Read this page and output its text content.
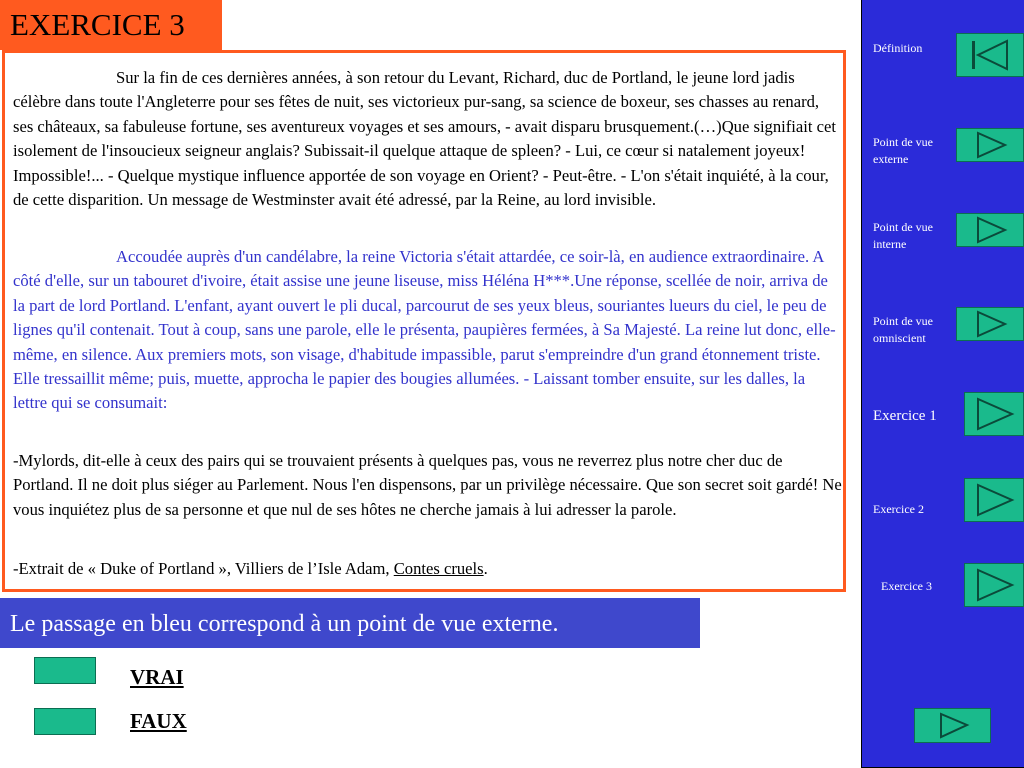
EXERCICE 3

Sur la fin de ces dernières années, à son retour du Levant, Richard, duc de Portland, le jeune lord jadis célèbre dans toute l'Angleterre pour ses fêtes de nuit, ses victorieux pur-sang, sa science de boxeur, ses chasses au renard, ses châteaux, sa fabuleuse fortune, ses aventureux voyages et ses amours, - avait disparu brusquement.(…)Que signifiait cet isolement de l'insoucieux seigneur anglais? Subissait-il quelque attaque de spleen? - Lui, ce cœur si natalement joyeux! Impossible!... - Quelque mystique influence apportée de son voyage en Orient? - Peut-être. - L'on s'était inquiété, à la cour, de cette disparition. Un message de Westminster avait été adressé, par la Reine, au lord invisible.

Accoudée auprès d'un candélabre, la reine Victoria s'était attardée, ce soir-là, en audience extraordinaire. A côté d'elle, sur un tabouret d'ivoire, était assise une jeune liseuse, miss Héléna H***.Une réponse, scellée de noir, arriva de la part de lord Portland. L'enfant, ayant ouvert le pli ducal, parcourut de ses yeux bleus, souriantes lueurs du ciel, le peu de lignes qu'il contenait. Tout à coup, sans une parole, elle le présenta, paupières fermées, à Sa Majesté. La reine lut donc, elle-même, en silence. Aux premiers mots, son visage, d'habitude impassible, parut s'empreindre d'un grand étonnement triste. Elle tressaillit même; puis, muette, approcha le papier des bougies allumées. - Laissant tomber ensuite, sur les dalles, la lettre qui se consumait:

-Mylords, dit-elle à ceux des pairs qui se trouvaient présents à quelques pas, vous ne reverrez plus notre cher duc de Portland. Il ne doit plus siéger au Parlement. Nous l'en dispensons, par un privilège nécessaire. Que son secret soit gardé! Ne vous inquiétez plus de sa personne et que nul de ses hôtes ne cherche jamais à lui adresser la parole.

-Extrait de « Duke of Portland », Villiers de l’Isle Adam, Contes cruels.

Le passage en bleu correspond à un point de vue externe.
VRAI
FAUX
Définition
Point de vue externe
Point de vue interne
Point de vue omniscient
Exercice 1
Exercice 2
Exercice 3
